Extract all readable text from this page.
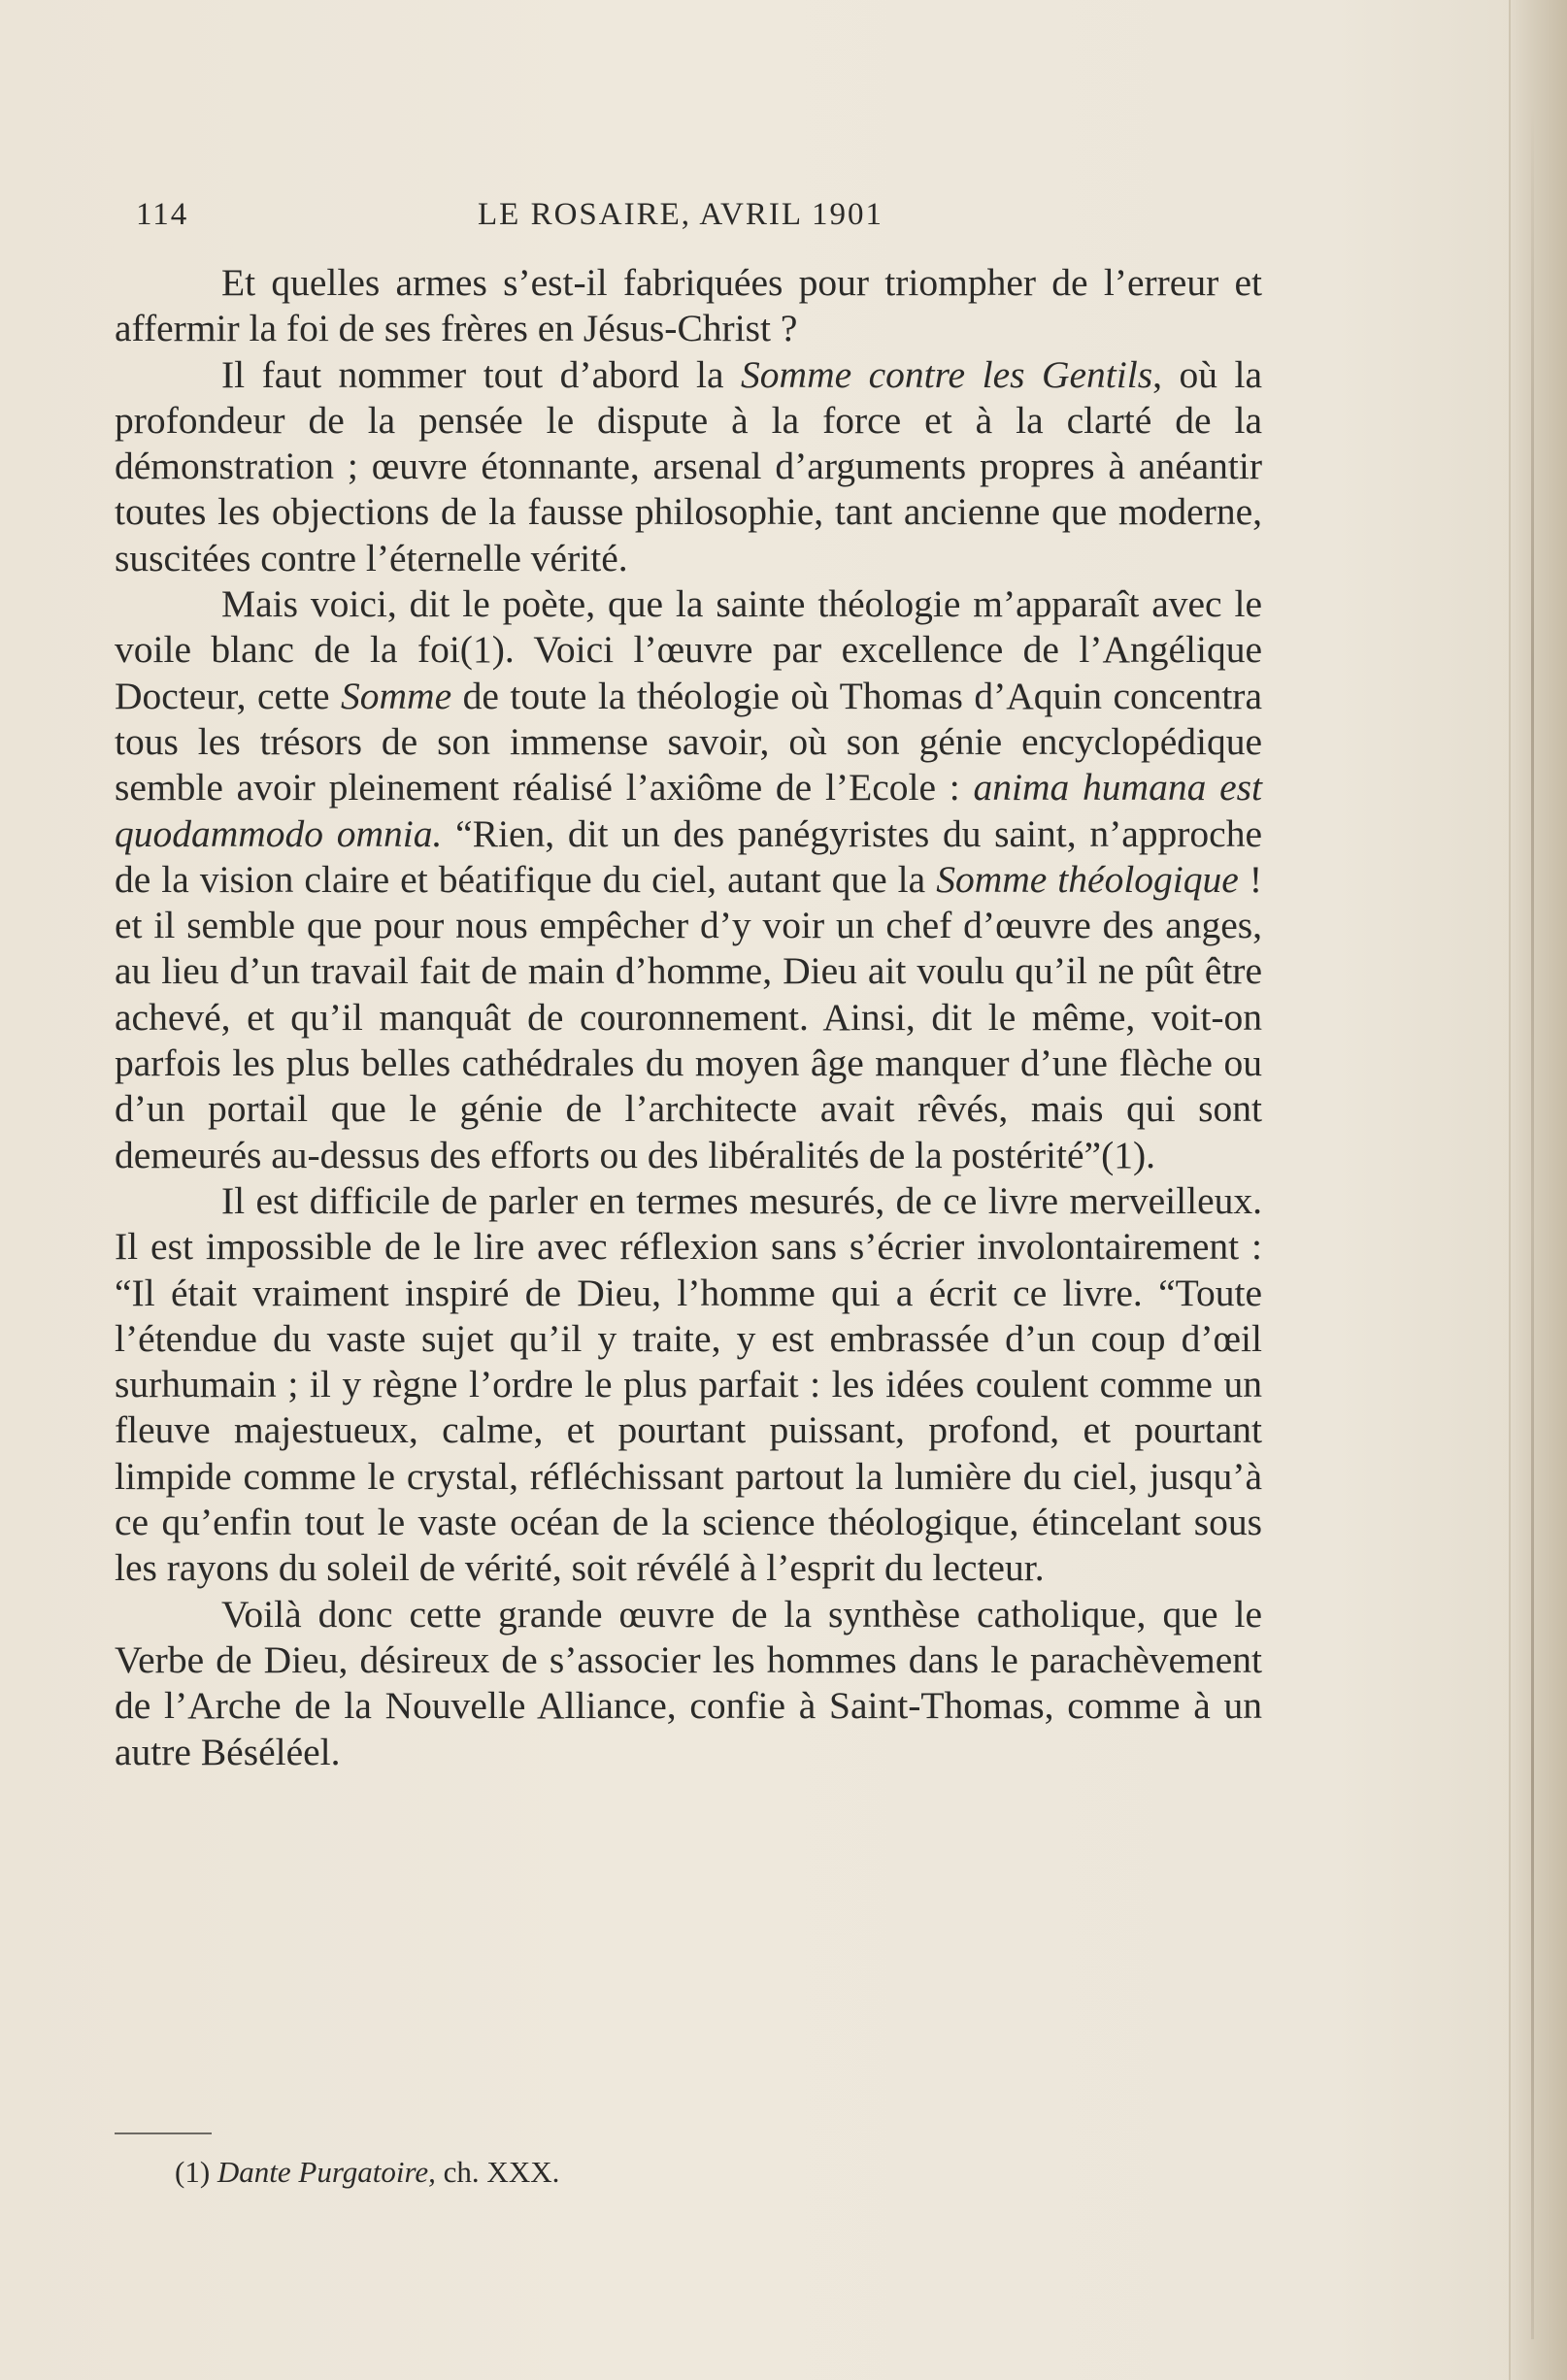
114	LE ROSAIRE, AVRIL 1901

Et quelles armes s’est-il fabriquées pour triompher de l’erreur et affermir la foi de ses frères en Jésus-Christ ?

Il faut nommer tout d’abord la Somme contre les Gentils, où la profondeur de la pensée le dispute à la force et à la clarté de la démonstration ; œuvre étonnante, arsenal d’arguments propres à anéantir toutes les objections de la fausse philosophie, tant ancienne que moderne, suscitées contre l’éternelle vérité.

Mais voici, dit le poète, que la sainte théologie m’apparaît avec le voile blanc de la foi(1). Voici l’œuvre par excellence de l’Angélique Docteur, cette Somme de toute la théologie où Thomas d’Aquin concentra tous les trésors de son immense savoir, où son génie encyclopédique semble avoir pleinement réalisé l’axiôme de l’Ecole : anima humana est quodammodo omnia. “Rien, dit un des panégyristes du saint, n’approche de la vision claire et béatifique du ciel, autant que la Somme théologique ! et il semble que pour nous empêcher d’y voir un chef d’œuvre des anges, au lieu d’un travail fait de main d’homme, Dieu ait voulu qu’il ne pût être achevé, et qu’il manquât de couronnement. Ainsi, dit le même, voit-on parfois les plus belles cathédrales du moyen âge manquer d’une flèche ou d’un portail que le génie de l’architecte avait rêvés, mais qui sont demeurés au-dessus des efforts ou des libéralités de la postérité”(1).

Il est difficile de parler en termes mesurés, de ce livre merveilleux. Il est impossible de le lire avec réflexion sans s’écrier involontairement : “Il était vraiment inspiré de Dieu, l’homme qui a écrit ce livre. “Toute l’étendue du vaste sujet qu’il y traite, y est embrassée d’un coup d’œil surhumain ; il y règne l’ordre le plus parfait : les idées coulent comme un fleuve majestueux, calme, et pourtant puissant, profond, et pourtant limpide comme le crystal, réfléchissant partout la lumière du ciel, jusqu’à ce qu’enfin tout le vaste océan de la science théologique, étincelant sous les rayons du soleil de vérité, soit révélé à l’esprit du lecteur.

Voilà donc cette grande œuvre de la synthèse catholique, que le Verbe de Dieu, désireux de s’associer les hommes dans le parachèvement de l’Arche de la Nouvelle Alliance, confie à Saint-Thomas, comme à un autre Béséléel.

(1) Dante Purgatoire, ch. XXX.
